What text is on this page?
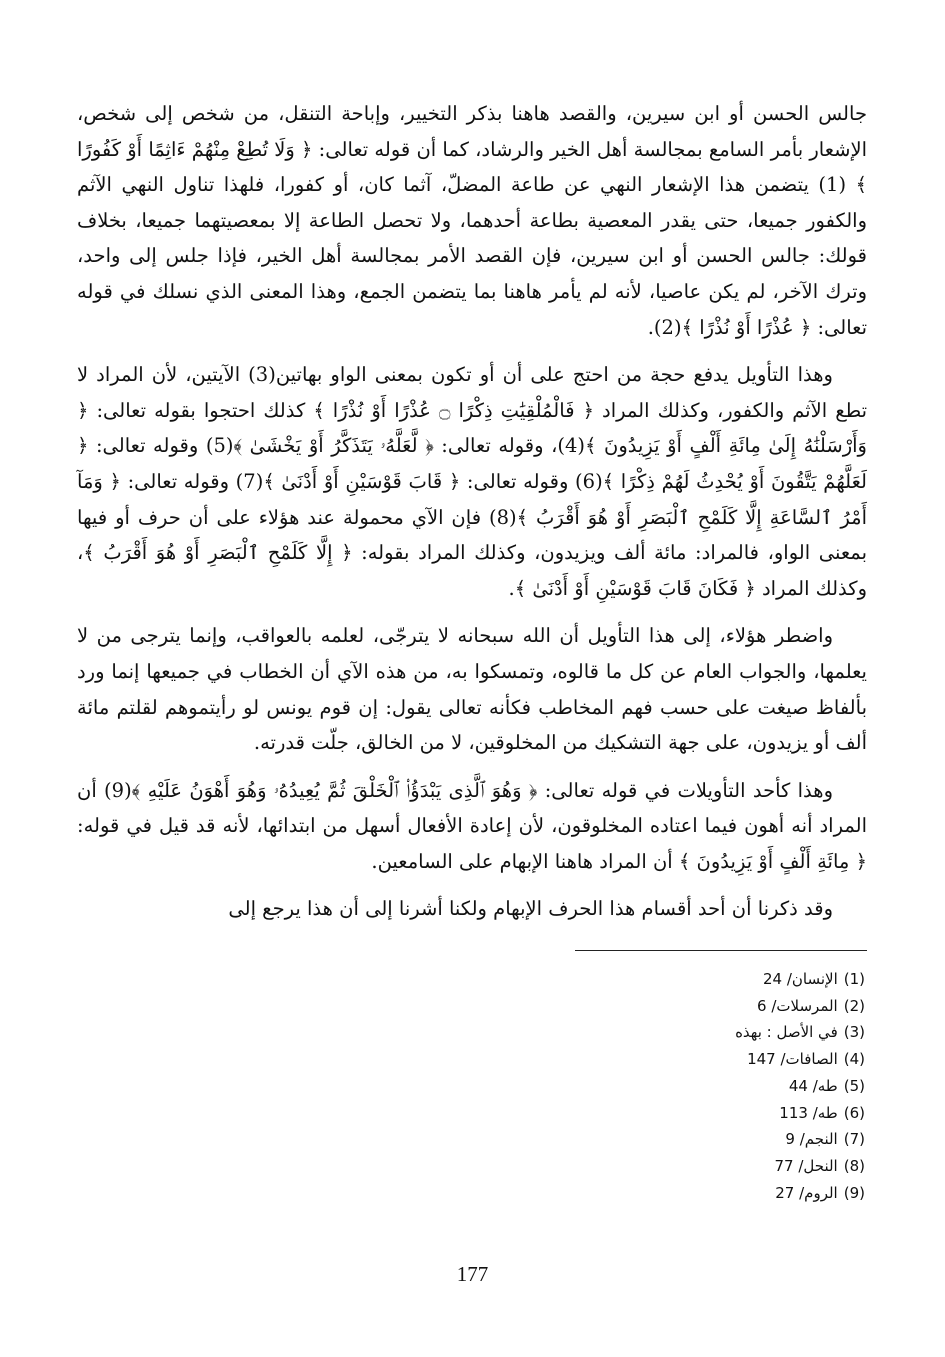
جالس الحسن أو ابن سيرين، والقصد هاهنا بذكر التخيير، وإباحة التنقل، من شخص إلى شخص، الإشعار بأمر السامع بمجالسة أهل الخير والرشاد، كما أن قوله تعالى: ﴿ وَلَا تُطِعْ مِنْهُمْ ءَاثِمًا أَوْ كَفُورًا ﴾ (1) يتضمن هذا الإشعار النهي عن طاعة المضلّ، آثما كان، أو كفورا، فلهذا تناول النهي الآثم والكفور جميعا، حتى يقدر المعصية بطاعة أحدهما، ولا تحصل الطاعة إلا بمعصيتهما جميعا، بخلاف قولك: جالس الحسن أو ابن سيرين، فإن القصد الأمر بمجالسة أهل الخير، فإذا جلس إلى واحد، وترك الآخر، لم يكن عاصيا، لأنه لم يأمر هاهنا بما يتضمن الجمع، وهذا المعنى الذي نسلك في قوله تعالى: ﴿ عُذْرًا أَوْ نُذْرًا ﴾(2).

وهذا التأويل يدفع حجة من احتج على أن أو تكون بمعنى الواو بهاتين(3) الآيتين، لأن المراد لا تطع الآثم والكفور، وكذلك المراد ﴿ فَالْمُلْقِيَٰتِ ذِكْرًا ۝ عُذْرًا أَوْ نُذْرًا ﴾ كذلك احتجوا بقوله تعالى: ﴿ وَأَرْسَلْنَٰهُ إِلَىٰ مِائَةِ أَلْفٍ أَوْ يَزِيدُونَ ﴾(4)، وقوله تعالى: ﴿ لَّعَلَّهُۥ يَتَذَكَّرُ أَوْ يَخْشَىٰ ﴾(5) وقوله تعالى: ﴿ لَعَلَّهُمْ يَتَّقُونَ أَوْ يُحْدِثُ لَهُمْ ذِكْرًا ﴾(6) وقوله تعالى: ﴿ قَابَ قَوْسَيْنِ أَوْ أَدْنَىٰ ﴾(7) وقوله تعالى: ﴿ وَمَآ أَمْرُ ٱلسَّاعَةِ إِلَّا كَلَمْحِ ٱلْبَصَرِ أَوْ هُوَ أَقْرَبُ ﴾(8) فإن الآي محمولة عند هؤلاء على أن حرف أو فيها بمعنى الواو، فالمراد: مائة ألف ويزيدون، وكذلك المراد بقوله: ﴿ إِلَّا كَلَمْحِ ٱلْبَصَرِ أَوْ هُوَ أَقْرَبُ ﴾، وكذلك المراد ﴿ فَكَانَ قَابَ قَوْسَيْنِ أَوْ أَدْنَىٰ ﴾.

واضطر هؤلاء، إلى هذا التأويل أن الله سبحانه لا يترجّى، لعلمه بالعواقب، وإنما يترجى من لا يعلمها، والجواب العام عن كل ما قالوه، وتمسكوا به، من هذه الآي أن الخطاب في جميعها إنما ورد بألفاظ صيغت على حسب فهم المخاطب فكأنه تعالى يقول: إن قوم يونس لو رأيتموهم لقلتم مائة ألف أو يزيدون، على جهة التشكيك من المخلوقين، لا من الخالق، جلّت قدرته.

وهذا كأحد التأويلات في قوله تعالى: ﴿ وَهُوَ ٱلَّذِى يَبْدَؤُا۟ ٱلْخَلْقَ ثُمَّ يُعِيدُهُۥ وَهُوَ أَهْوَنُ عَلَيْهِ ﴾(9) أن المراد أنه أهون فيما اعتاده المخلوقون، لأن إعادة الأفعال أسهل من ابتدائها، لأنه قد قيل في قوله: ﴿ مِائَةِ أَلْفٍ أَوْ يَزِيدُونَ ﴾ أن المراد هاهنا الإبهام على السامعين.

وقد ذكرنا أن أحد أقسام هذا الحرف الإبهام ولكنا أشرنا إلى أن هذا يرجع إلى

(1)الإنسان/ 24
(2)المرسلات/ 6
(3)في الأصل : بهذه
(4)الصافات/ 147
(5)طه/ 44
(6)طه/ 113
(7)النجم/ 9
(8)النحل/ 77
(9)الروم/ 27
177
